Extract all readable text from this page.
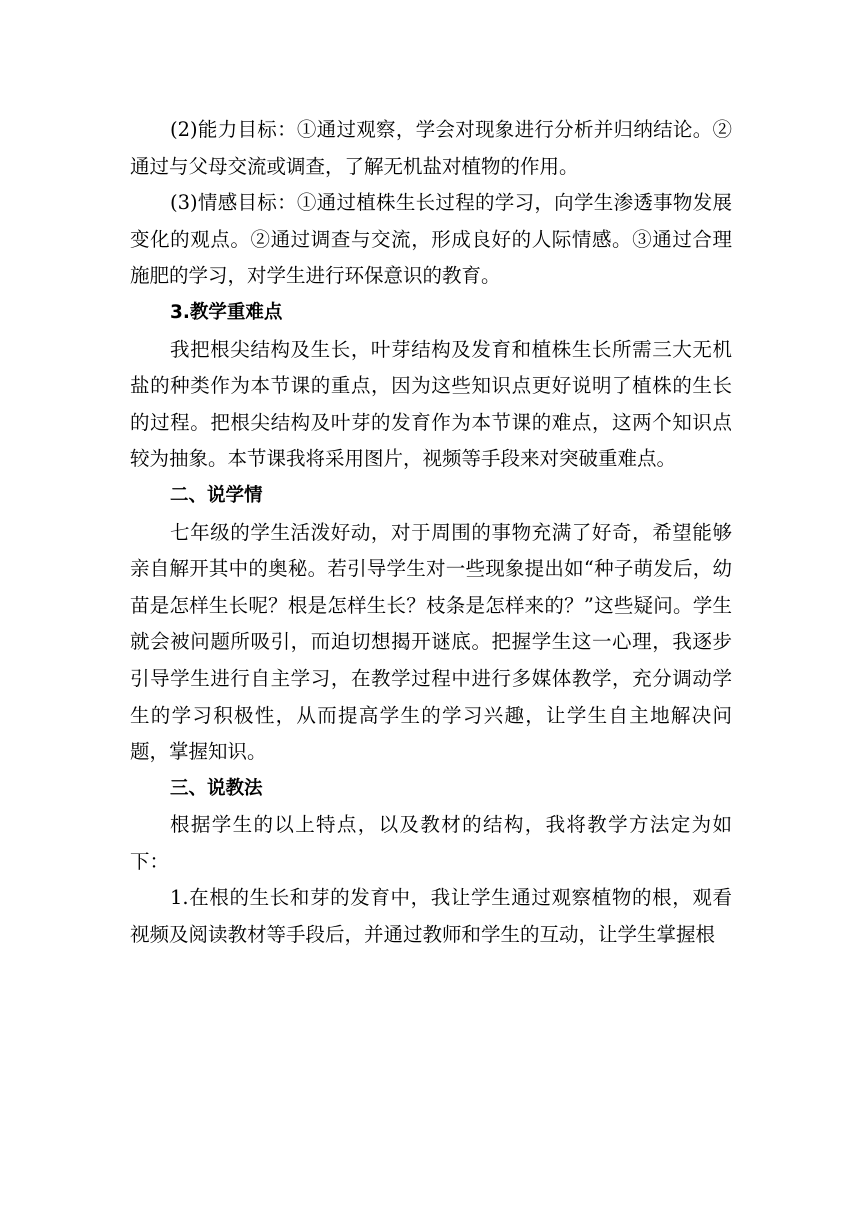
(2)能力目标：①通过观察，学会对现象进行分析并归纳结论。②通过与父母交流或调查，了解无机盐对植物的作用。

(3)情感目标：①通过植株生长过程的学习，向学生渗透事物发展变化的观点。②通过调查与交流，形成良好的人际情感。③通过合理施肥的学习，对学生进行环保意识的教育。

3.教学重难点

我把根尖结构及生长，叶芽结构及发育和植株生长所需三大无机盐的种类作为本节课的重点，因为这些知识点更好说明了植株的生长的过程。把根尖结构及叶芽的发育作为本节课的难点，这两个知识点较为抽象。本节课我将采用图片，视频等手段来对突破重难点。

二、说学情

七年级的学生活泼好动，对于周围的事物充满了好奇，希望能够亲自解开其中的奥秘。若引导学生对一些现象提出如“种子萌发后，幼苗是怎样生长呢？根是怎样生长？枝条是怎样来的？”这些疑问。学生就会被问题所吸引，而迫切想揭开谜底。把握学生这一心理，我逐步引导学生进行自主学习，在教学过程中进行多媒体教学，充分调动学生的学习积极性，从而提高学生的学习兴趣，让学生自主地解决问题，掌握知识。

三、说教法

根据学生的以上特点，以及教材的结构，我将教学方法定为如下：

1.在根的生长和芽的发育中，我让学生通过观察植物的根，观看视频及阅读教材等手段后，并通过教师和学生的互动，让学生掌握根
